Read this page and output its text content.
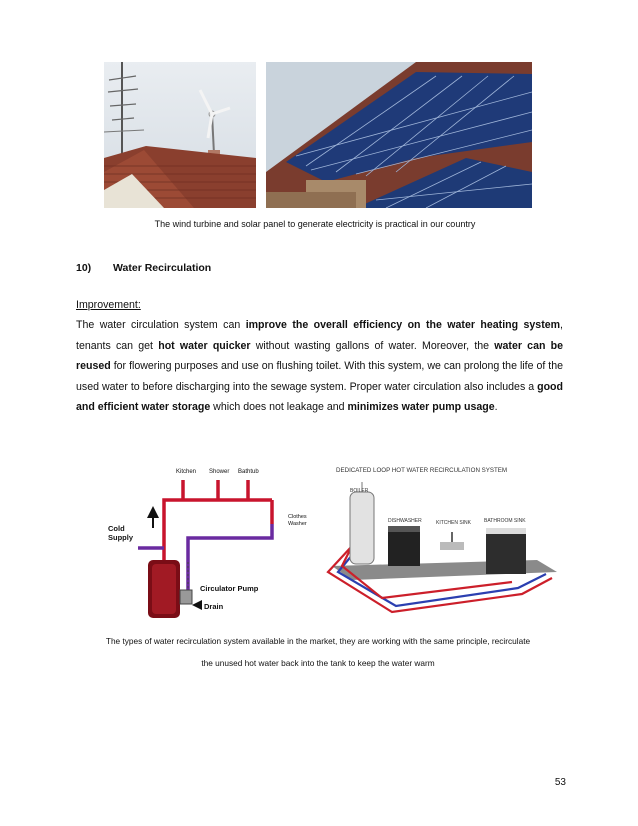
The wind turbine and solar panel to generate electricity is practical in our country
10) Water Recirculation
Improvement:
The water circulation system can improve the overall efficiency on the water heating system, tenants can get hot water quicker without wasting gallons of water. Moreover, the water can be reused for flowering purposes and use on flushing toilet. With this system, we can prolong the life of the used water to before discharging into the sewage system. Proper water circulation also includes a good and efficient water storage which does not leakage and minimizes water pump usage.
Kitchen Shower Bathtub
Clothes
Washer
Cold
Supply
Circulator Pump
Drain
DEDICATED LOOP HOT WATER RECIRCULATION SYSTEM
BOILER
DISHWASHER	KITCHEN SINK	BATHROOM SINK
The types of water recirculation system available in the market, they are working with the same principle, recirculate
the unused hot water back into the tank to keep the water warm
53
